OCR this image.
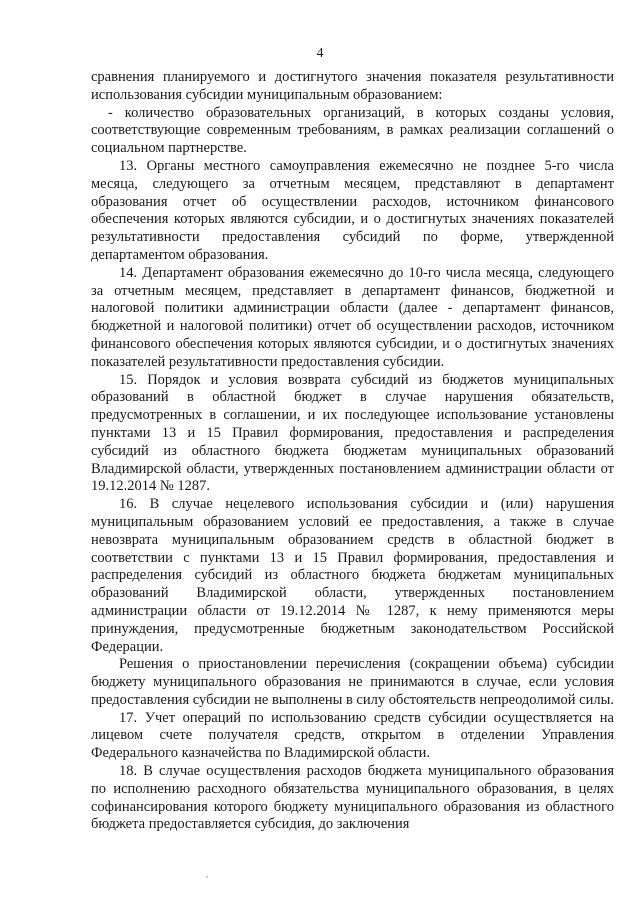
4

сравнения планируемого и достигнутого значения показателя результативности использования субсидии муниципальным образованием:

- количество образовательных организаций, в которых созданы условия, соответствующие современным требованиям, в рамках реализации соглашений о социальном партнерстве.

13. Органы местного самоуправления ежемесячно не позднее 5-го числа месяца, следующего за отчетным месяцем, представляют в департамент образования отчет об осуществлении расходов, источником финансового обеспечения которых являются субсидии, и о достигнутых значениях показателей результативности предоставления субсидий по форме, утвержденной департаментом образования.

14. Департамент образования ежемесячно до 10-го числа месяца, следующего за отчетным месяцем, представляет в департамент финансов, бюджетной и налоговой политики администрации области (далее - департамент финансов, бюджетной и налоговой политики) отчет об осуществлении расходов, источником финансового обеспечения которых являются субсидии, и о достигнутых значениях показателей результативности предоставления субсидии.

15. Порядок и условия возврата субсидий из бюджетов муниципальных образований в областной бюджет в случае нарушения обязательств, предусмотренных в соглашении, и их последующее использование установлены пунктами 13 и 15 Правил формирования, предоставления и распределения субсидий из областного бюджета бюджетам муниципальных образований Владимирской области, утвержденных постановлением администрации области от 19.12.2014 № 1287.

16. В случае нецелевого использования субсидии и (или) нарушения муниципальным образованием условий ее предоставления, а также в случае невозврата муниципальным образованием средств в областной бюджет в соответствии с пунктами 13 и 15 Правил формирования, предоставления и распределения субсидий из областного бюджета бюджетам муниципальных образований Владимирской области, утвержденных постановлением администрации области от 19.12.2014 № 1287, к нему применяются меры принуждения, предусмотренные бюджетным законодательством Российской Федерации.

Решения о приостановлении перечисления (сокращении объема) субсидии бюджету муниципального образования не принимаются в случае, если условия предоставления субсидии не выполнены в силу обстоятельств непреодолимой силы.

17. Учет операций по использованию средств субсидии осуществляется на лицевом счете получателя средств, открытом в отделении Управления Федерального казначейства по Владимирской области.

18. В случае осуществления расходов бюджета муниципального образования по исполнению расходного обязательства муниципального образования, в целях софинансирования которого бюджету муниципального образования из областного бюджета предоставляется субсидия, до заключения
